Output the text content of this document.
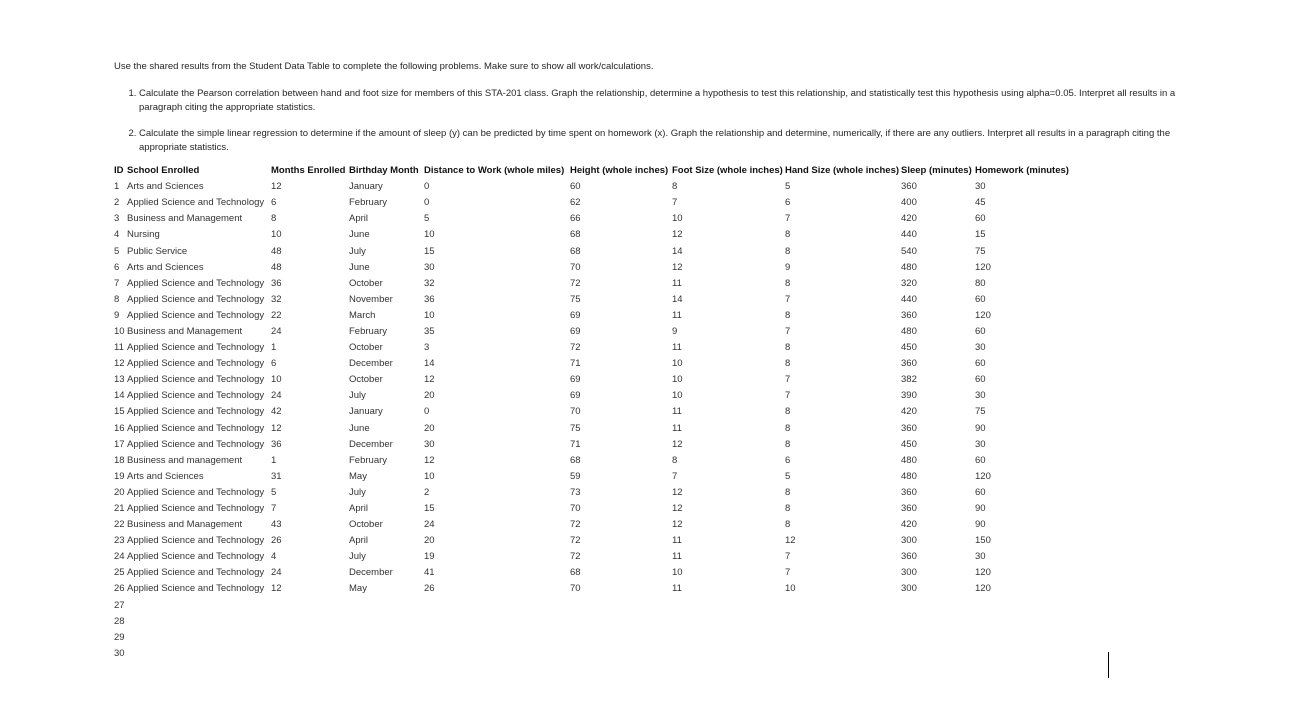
Use the shared results from the Student Data Table to complete the following problems. Make sure to show all work/calculations.

1. Calculate the Pearson correlation between hand and foot size for members of this STA-201 class. Graph the relationship, determine a hypothesis to test this relationship, and statistically test this hypothesis using alpha=0.05. Interpret all results in a paragraph citing the appropriate statistics.
2. Calculate the simple linear regression to determine if the amount of sleep (y) can be predicted by time spent on homework (x). Graph the relationship and determine, numerically, if there are any outliers. Interpret all results in a paragraph citing the appropriate statistics.
ID	School Enrolled	Months Enrolled	Birthday Month	Distance to Work (whole miles)	Height (whole inches)	Foot Size (whole inches)	Hand Size (whole inches)	Sleep (minutes)	Homework (minutes)
1	Arts and Sciences	12	January	0	60	8	5	360	30
2	Applied Science and Technology	6	February	0	62	7	6	400	45
3	Business and Management	8	April	5	66	10	7	420	60
4	Nursing	10	June	10	68	12	8	440	15
5	Public Service	48	July	15	68	14	8	540	75
6	Arts and Sciences	48	June	30	70	12	9	480	120
7	Applied Science and Technology	36	October	32	72	11	8	320	80
8	Applied Science and Technology	32	November	36	75	14	7	440	60
9	Applied Science and Technology	22	March	10	69	11	8	360	120
10	Business and Management	24	February	35	69	9	7	480	60
11	Applied Science and Technology	1	October	3	72	11	8	450	30
12	Applied Science and Technology	6	December	14	71	10	8	360	60
13	Applied Science and Technology	10	October	12	69	10	7	382	60
14	Applied Science and Technology	24	July	20	69	10	7	390	30
15	Applied Science and Technology	42	January	0	70	11	8	420	75
16	Applied Science and Technology	12	June	20	75	11	8	360	90
17	Applied Science and Technology	36	December	30	71	12	8	450	30
18	Business and management	1	February	12	68	8	6	480	60
19	Arts and Sciences	31	May	10	59	7	5	480	120
20	Applied Science and Technology	5	July	2	73	12	8	360	60
21	Applied Science and Technology	7	April	15	70	12	8	360	90
22	Business and Management	43	October	24	72	12	8	420	90
23	Applied Science and Technology	26	April	20	72	11	12	300	150
24	Applied Science and Technology	4	July	19	72	11	7	360	30
25	Applied Science and Technology	24	December	41	68	10	7	300	120
26	Applied Science and Technology	12	May	26	70	11	10	300	120
27									
28									
29									
30									
